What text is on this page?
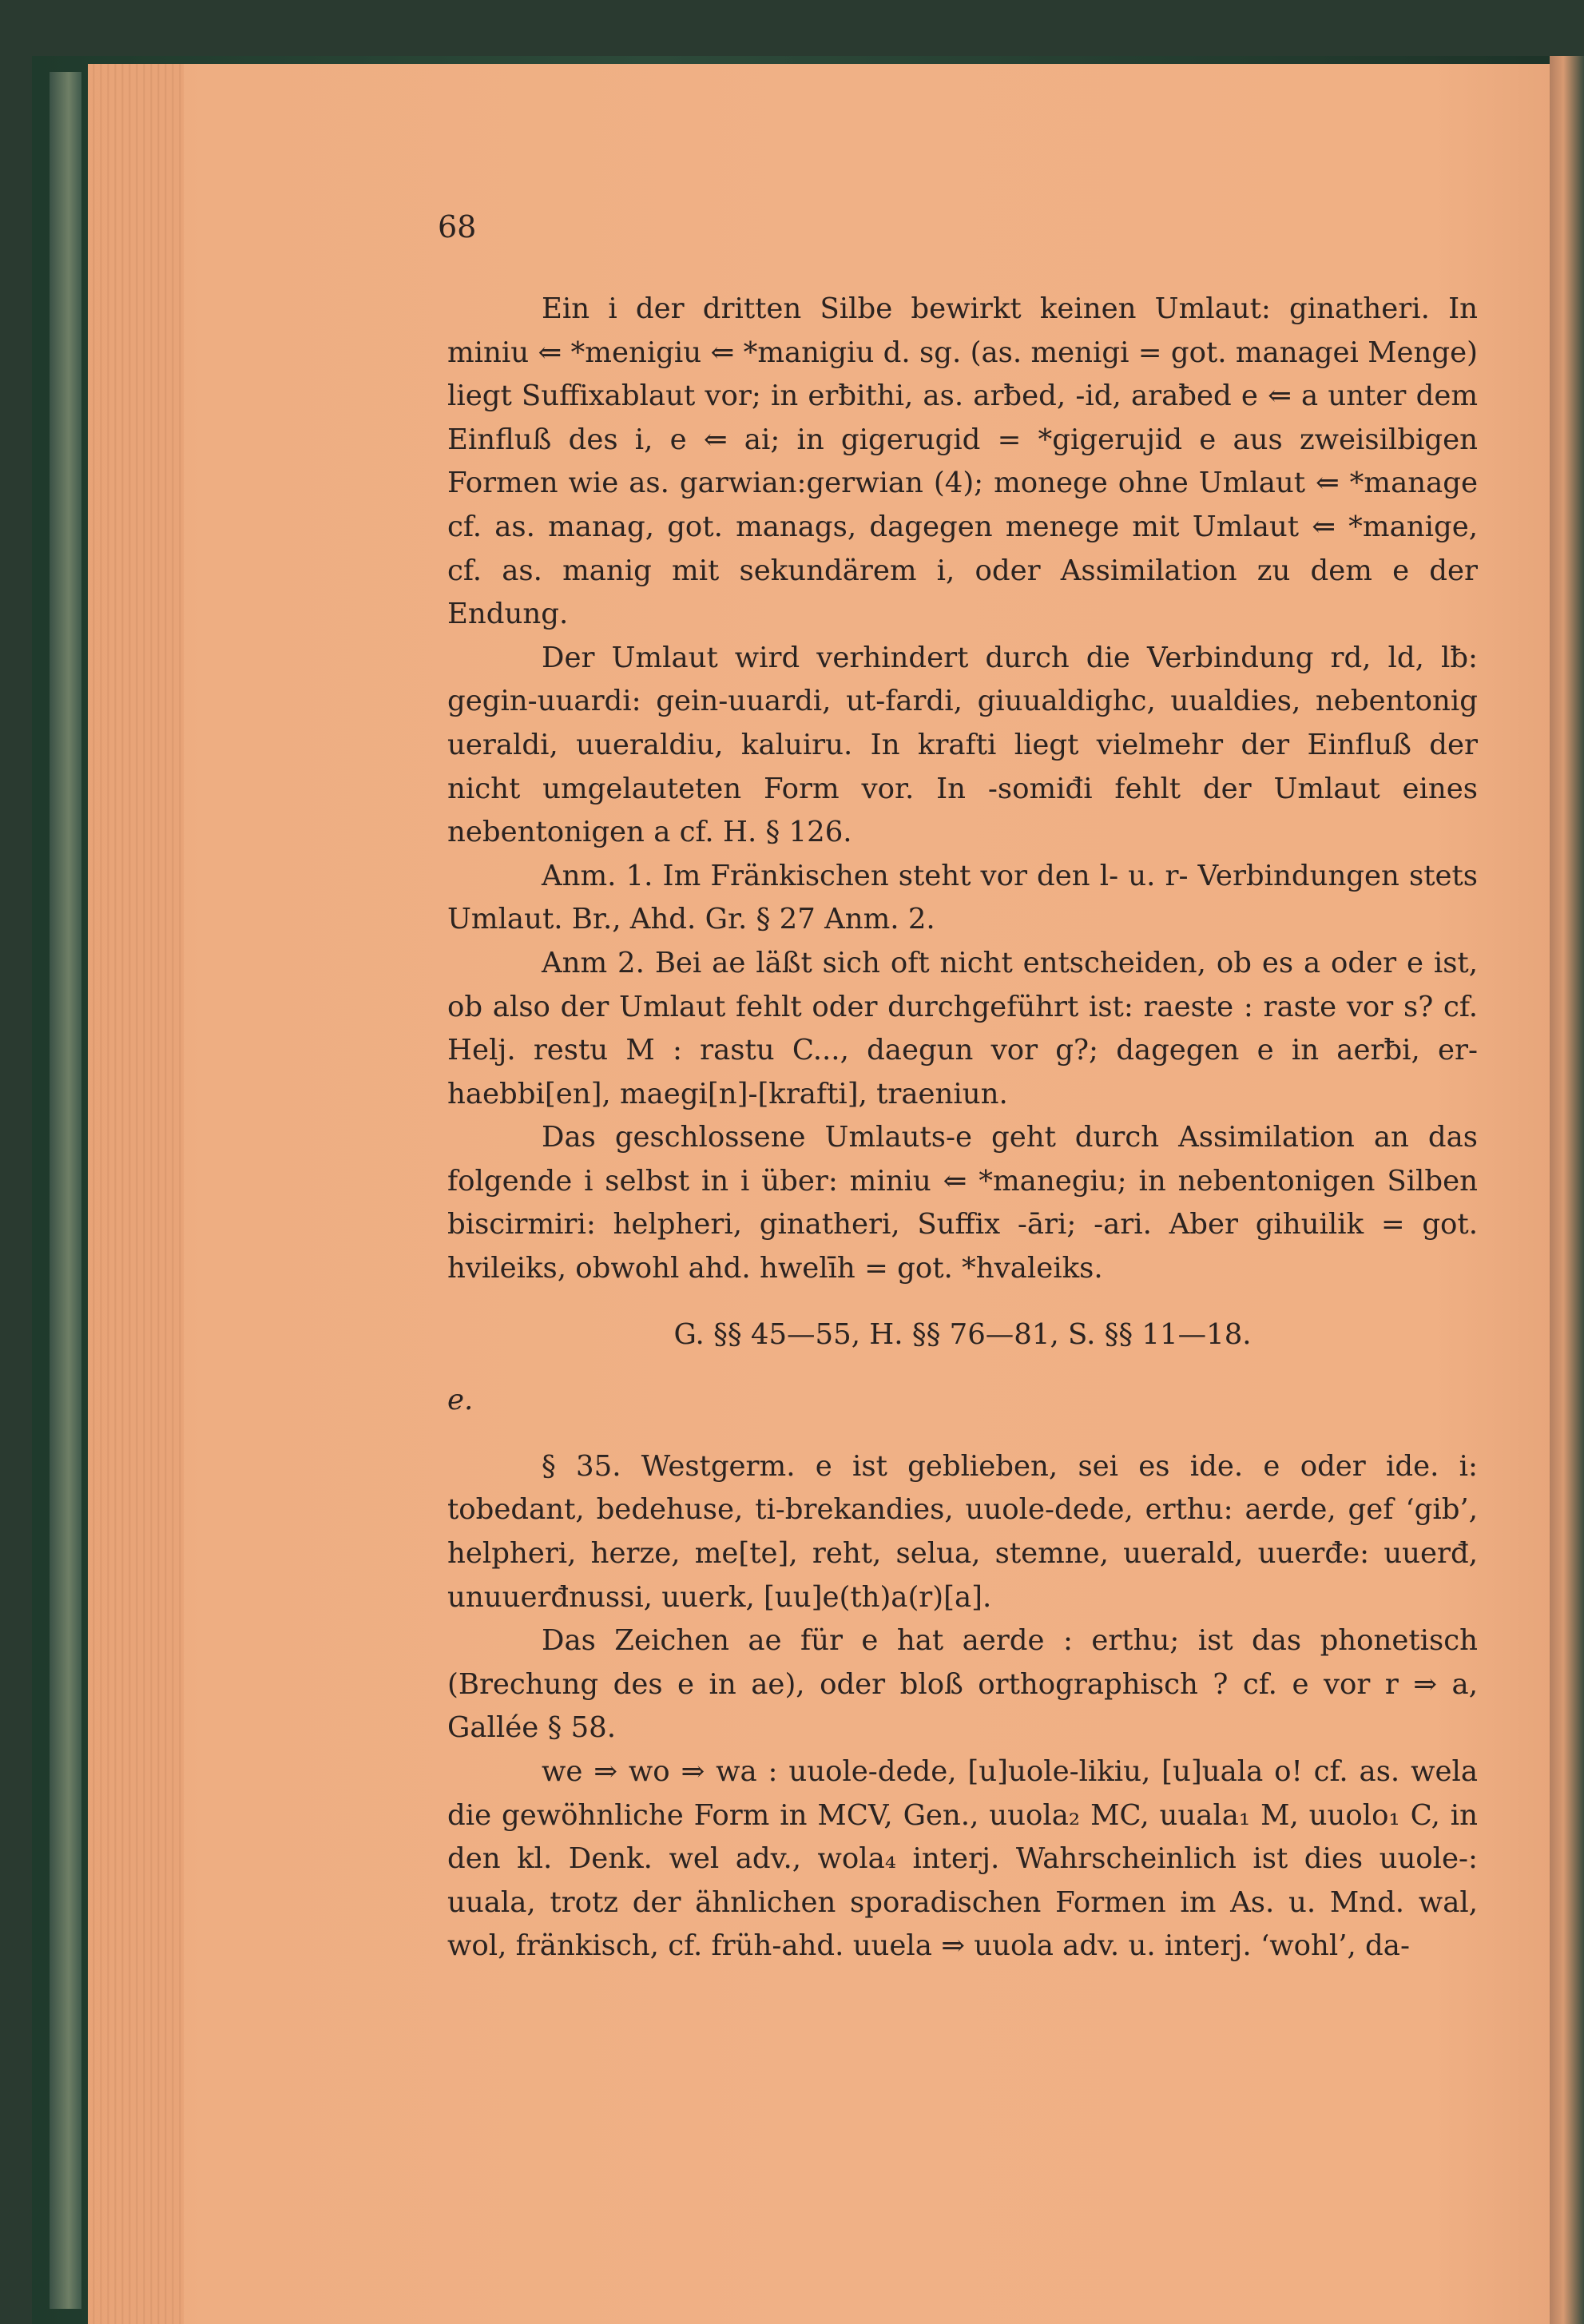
68

Ein i der dritten Silbe bewirkt keinen Umlaut: ginatheri. In miniu ⇐ *menigiu ⇐ *manigiu d. sg. (as. menigi = got. managei Menge) liegt Suffixablaut vor; in erƀithi, as. arƀed, -id, araƀed e ⇐ a unter dem Einfluß des i, e ⇐ ai; in gigerugid = *gigerujid e aus zweisilbigen Formen wie as. garwian:gerwian (4); monege ohne Umlaut ⇐ *manage cf. as. manag, got. manags, dagegen menege mit Umlaut ⇐ *manige, cf. as. manig mit sekundärem i, oder Assimilation zu dem e der Endung.

Der Umlaut wird verhindert durch die Verbindung rd, ld, lƀ: gegin-uuardi: gein-uuardi, ut-fardi, giuualdighc, uualdies, nebentonig ueraldi, uueraldiu, kaluiru. In krafti liegt vielmehr der Einfluß der nicht umgelauteten Form vor. In -somiđi fehlt der Umlaut eines nebentonigen a cf. H. § 126.

Anm. 1. Im Fränkischen steht vor den l- u. r- Verbindungen stets Umlaut. Br., Ahd. Gr. § 27 Anm. 2.

Anm 2. Bei ae läßt sich oft nicht entscheiden, ob es a oder e ist, ob also der Umlaut fehlt oder durchgeführt ist: raeste : raste vor s? cf. Helj. restu M : rastu C..., daegun vor g?; dagegen e in aerƀi, er-haebbi[en], maegi[n]-[krafti], traeniun.

Das geschlossene Umlauts-e geht durch Assimilation an das folgende i selbst in i über: miniu ⇐ *manegiu; in nebentonigen Silben biscirmiri: helpheri, ginatheri, Suffix -āri; -ari. Aber gihuilik = got. hvileiks, obwohl ahd. hwelīh = got. *hvaleiks.

G. §§ 45—55, H. §§ 76—81, S. §§ 11—18.

e.

§ 35. Westgerm. e ist geblieben, sei es ide. e oder ide. i: tobedant, bedehuse, ti-brekandies, uuole-dede, erthu: aerde, gef ‘gib’, helpheri, herze, me[te], reht, selua, stemne, uuerald, uuerđe: uuerđ, unuuerđnussi, uuerk, [uu]e(th)a(r)[a].

Das Zeichen ae für e hat aerde : erthu; ist das phonetisch (Brechung des e in ae), oder bloß orthographisch ? cf. e vor r ⇒ a, Gallée § 58.

we ⇒ wo ⇒ wa : uuole-dede, [u]uole-likiu, [u]uala o! cf. as. wela die gewöhnliche Form in MCV, Gen., uuola₂ MC, uuala₁ M, uuolo₁ C, in den kl. Denk. wel adv., wola₄ interj. Wahrscheinlich ist dies uuole-: uuala, trotz der ähnlichen sporadischen Formen im As. u. Mnd. wal, wol, fränkisch, cf. früh-ahd. uuela ⇒ uuola adv. u. interj. ‘wohl’, da-
